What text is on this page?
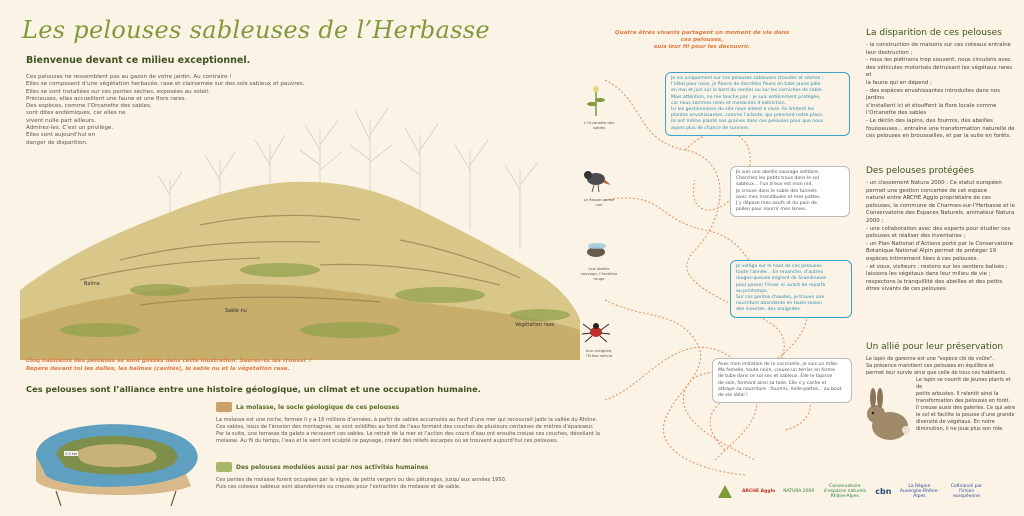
Les pelouses sableuses de l’Herbasse
Bienvenue devant ce milieu exceptionnel.
Ces pelouses ne ressemblent pas au gazon de votre jardin. Au contraire !
Elles se composent d’une végétation herbacée, rase et clairsemée sur des sols sableux et pauvres.
Elles se sont installées sur ces pentes sèches, exposées au soleil.
Précieuses, elles accueillent une faune et une flore rares.
Des espèces, comme l’Orcanette des sables,
sont dites endémiques, car elles ne
vivent nulle part ailleurs.
Admirez-les. C’est un privilège.
Elles sont aujourd’hui en
danger de disparition.
Balme
Sable nu
Végétation rase
Cinq habitants des pelouses se sont glissés dans cette illustration. Saurez-tu les trouver ?
Repère devant toi les dalles, les balmes (cavités), le sable nu et la végétation rase.
Ces pelouses sont l’alliance entre une histoire géologique, un climat et une occupation humaine.
2,5 km
La molasse, le socle géologique de ces pelouses
La molasse est une roche, formée il y a 16 millions d’années, à partir de sables accumulés au fond d’une mer qui recouvrait jadis la vallée du Rhône.
Ces sables, issus de l’érosion des montagnes, se sont solidifiés au fond de l’eau formant des couches de plusieurs centaines de mètres d’épaisseur.
Par la suite, une terrasse de galets a recouvert ces sables. Le retrait de la mer et l’action des cours d’eau ont ensuite creusé ces couches, dévoilant la
molasse. Au fil du temps, l’eau et le vent ont sculpté ce paysage, créant des reliefs escarpés où se trouvent aujourd’hui ces pelouses.
Des pelouses modelées aussi par nos activités humaines
Ces pentes de molasse furent occupées par la vigne, de petits vergers ou des pâturages, jusqu’aux années 1950.
Puis ces coteaux sableux sont abandonnés ou creusés pour l’extraction de molasse et de sable.
Quatre êtres vivants partagent un moment de vie dans ces pelouses,
suis leur fil pour les découvrir.
L’Orcanette des sables
Le Rouge-queue noir
Une abeille sauvage, l’Andrène rouge
Une araignée, l’Érèse noircie
Je vis uniquement sur ces pelouses sableuses chaudes et sèches ;
l’idéal pour nous, je fleuris de discrètes fleurs en tube jaune pâle
en mai et juin sur le bord du sentier ou sur les corniches de sable.
Mais attention, ne me touche pas : je suis entièrement protégée,
car nous sommes rares et menacées d’extinction.
Ici les gestionnaires du site nous aident à vivre. Ils limitent les
plantes envahissantes, comme l’ailante, qui prennent notre place.
Ils ont même planté nos graines dans ces pelouses pour que nous
ayons plus de chance de survivre.
Je suis une abeille sauvage solitaire.
Cherchez les petits trous dans le sol
sableux... l’un d’eux est mon nid.
Je creuse dans le sable des tunnels
avec mes mandibules et mes pattes.
J’y dépose mes oeufs et du pain de
pollen pour nourrir mes larves.
Je voltige sur le haut de ces pelouses
toute l’année... En revanche, d’autres
rouges-queues migrent de Scandinavie
pour passer l’hiver ici avant de repartir
au printemps.
Sur ces pentes chaudes, je trouve une
nourriture abondante en toute saison
des insectes, des araignées.
Avec mon imitation de la coccinelle, je suis un mâle.
Ma femelle, toute noire, creuse un terrier en forme
de tube dans ce sol sec et sableux. Elle le tapisse
de soie, formant ainsi sa toile. Elle s’y cache et
attrape sa nourriture : fourmis, mille-pattes... au bout
de vie idéal !
La disparition de ces pelouses
- la construction de maisons sur ces coteaux entraîne
leur destruction ;
- nous les piétinons trop souvent, nous circulons avec
des véhicules motorisés détruisant les végétaux rares et
la faune qui en dépend ;
- des espèces envahissantes introduites dans nos jardins
s’installent ici et étouffent la flore locale comme
l’Orcanette des sables
- Le déclin des lapins, des fourmis, des abeilles
fouisseuses... entraîne une transformation naturelle de
ces pelouses en broussailles, et par la suite en forêts.
Des pelouses protégées
- un classement Natura 2000 : Ce statut européen
permet une gestion concertée de cet espace
naturel entre ARCHE Agglo propriétaire de ces
pelouses, la commune de Charmes-sur-l’Herbasse et le
Conservatoire des Espaces Naturels, animateur Natura
2000 ;
- une collaboration avec des experts pour étudier ces
pelouses et réaliser des inventaires ;
- un Plan National d’Actions porté par le Conservatoire
Botanique National Alpin permet de protéger 19
espèces intimement liées à ces pelouses.
- et vous, visiteurs : restons sur les sentiers balisés ;
laissons les végétaux dans leur milieu de vie ;
respectons la tranquillité des abeilles et des petits
êtres vivants de ces pelouses.
Un allié pour leur préservation
Le lapin de garenne est une "espèce clé de voûte".
Sa présence maintient ces pelouses en équilibre et
permet leur survie ainsi que celle de tous ces habitants.
Le lapin se nourrit de jeunes plants et de
petits arbustes. Il ralentit ainsi la
transformation des pelouses en forêt.
Il creuse aussi des galeries. Ce qui aère
le sol et facilite la pousse d’une grande
diversité de végétaux. En notre
diminution, il ne joue plus son rôle.
ARCHE Agglo NATURA 2000
Conservatoire d’espaces naturels Rhône-Alpes
cbn
La Région Auvergne-Rhône-Alpes
Cofinancé par l’Union européenne
